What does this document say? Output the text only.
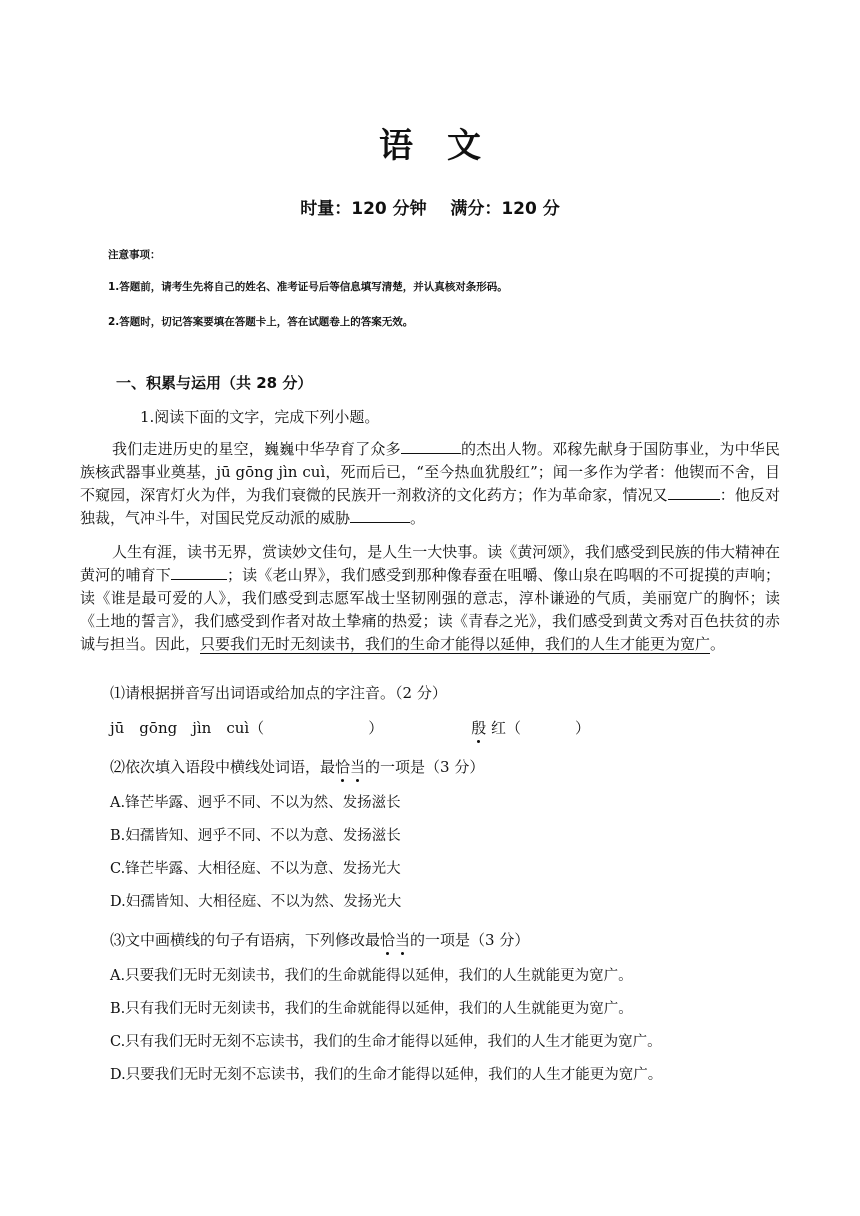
语文
时量：120 分钟 满分：120 分
注意事项：
1.答题前，请考生先将自己的姓名、准考证号后等信息填写清楚，并认真核对条形码。
2.答题时，切记答案要填在答题卡上，答在试题卷上的答案无效。
一、积累与运用（共 28 分）
1.阅读下面的文字，完成下列小题。
我们走进历史的星空，巍巍中华孕育了众多	的杰出人物。邓稼先献身于国防事业，为中华民族核武器事业奠基，jū gōng jìn cuì，死而后已，“至今热血犹殷红”；闻一多作为学者：他锲而不舍，目不窥园，深宵灯火为伴，为我们衰微的民族开一剂救济的文化药方；作为革命家，情况又	：他反对独裁，气冲斗牛，对国民党反动派的威胁	。
人生有涯，读书无界，赏读妙文佳句，是人生一大快事。读《黄河颂》，我们感受到民族的伟大精神在黄河的哺育下	；读《老山界》，我们感受到那种像春蚕在咀嚼、像山泉在呜咽的不可捉摸的声响；读《谁是最可爱的人》，我们感受到志愿军战士坚韧刚强的意志，淳朴谦逊的气质，美丽宽广的胸怀；读《土地的誓言》，我们感受到作者对故土挚痛的热爱；读《青春之光》，我们感受到黄文秀对百色扶贫的赤诚与担当。因此，只要我们无时无刻读书，我们的生命才能得以延伸，我们的人生才能更为宽广。
⑴请根据拼音写出词语或给加点的字注音。（2 分）
jū　gōng　jìn　cuì（	）	殷 红（	）
⑵依次填入语段中横线处词语，最恰当的一项是（3 分）
A.锋芒毕露、迥乎不同、不以为然、发扬滋长
B.妇孺皆知、迥乎不同、不以为意、发扬滋长
C.锋芒毕露、大相径庭、不以为意、发扬光大
D.妇孺皆知、大相径庭、不以为然、发扬光大
⑶文中画横线的句子有语病，下列修改最恰当的一项是（3 分）
A.只要我们无时无刻读书，我们的生命就能得以延伸，我们的人生就能更为宽广。
B.只有我们无时无刻读书，我们的生命就能得以延伸，我们的人生就能更为宽广。
C.只有我们无时无刻不忘读书，我们的生命才能得以延伸，我们的人生才能更为宽广。
D.只要我们无时无刻不忘读书，我们的生命才能得以延伸，我们的人生才能更为宽广。
